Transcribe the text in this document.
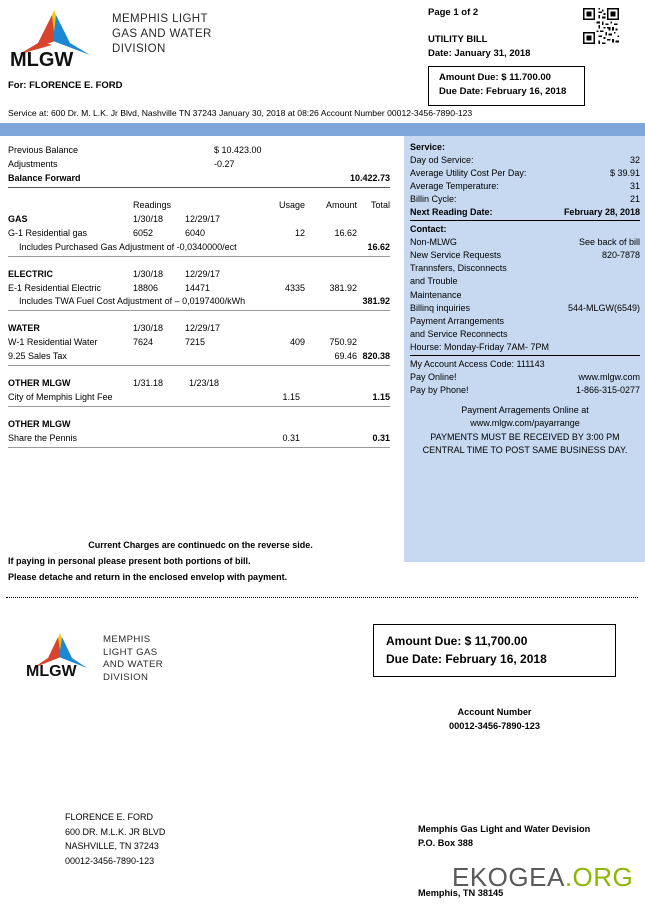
MLGW
MEMPHIS LIGHT
GAS AND WATER
DIVISION
Page 1 of 2
UTILITY BILL
Date: January 31, 2018
Amount Due: $ 11.700.00
Due Date: February 16, 2018
For: FLORENCE E. FORD
Service at: 600 Dr. M. L.K. Jr Blvd, Nashville TN 37243 January 30, 2018 at 08:26 Account Number 00012-3456-7890-123
Service:
Day od Service:	32
Average Utility Cost Per Day:	$ 39.91
Average Temperature:	31
Billin Cycle:	21
Next Reading Date:	February 28, 2018
Contact:
Non-MLWG	See back of bill
New Service Requests	820-7878
Trannsfers, Disconnects
and Trouble
Maintenance
Billinq inquiries	544-MLGW(6549)
Payment Arrangements
and Service Reconnects
Hourse: Monday-Friday 7AM- 7PM
My Account Access Code: 111143
Pay Online!	www.mlgw.com
Pay by Phone!	1-866-315-0277
Payment Arragements Online at
www.mlgw.com/payarrange
PAYMENTS MUST BE RECEIVED BY 3:00 PM
CENTRAL TIME TO POST SAME BUSINESS DAY.
Previous Balance	$ 10.423.00
Adjustments	-0.27
Balance Forward	10.422.73
Readings	Usage	Amount	Total
GAS	1/30/18	12/29/17
G-1 Residential gas	6052	6040	12	16.62
Includes Purchased Gas Adjustment of -0,0340000/ect	16.62
ELECTRIC	1/30/18	12/29/17
E-1 Residential Electric	18806	14471	4335	381.92
Includes TWA Fuel Cost Adjustment of – 0,0197400/kWh	381.92
WATER	1/30/18	12/29/17
W-1 Residential Water	7624	7215	409	750.92
9.25 Sales Tax	69.46 820.38
OTHER MLGW	1/31.18	1/23/18
City of Memphis Light Fee	1.15	1.15
OTHER MLGW
Share the Pennis	0.31	0.31
Current Charges are continuedc on the reverse side.
If paying in personal please present both portions of bill.
Please detache and return in the enclosed envelop with payment.
MLGW
MEMPHIS
LIGHT GAS
AND WATER
DIVISION
Amount Due: $ 11,700.00
Due Date: February 16, 2018
Account Number
00012-3456-7890-123
FLORENCE E. FORD
600 DR. M.L.K. JR BLVD
NASHVILLE, TN 37243
00012-3456-7890-123
Memphis Gas Light and Water Devision
P.O. Box 388
Memphis, TN 38145
EKOGEA.ORG
